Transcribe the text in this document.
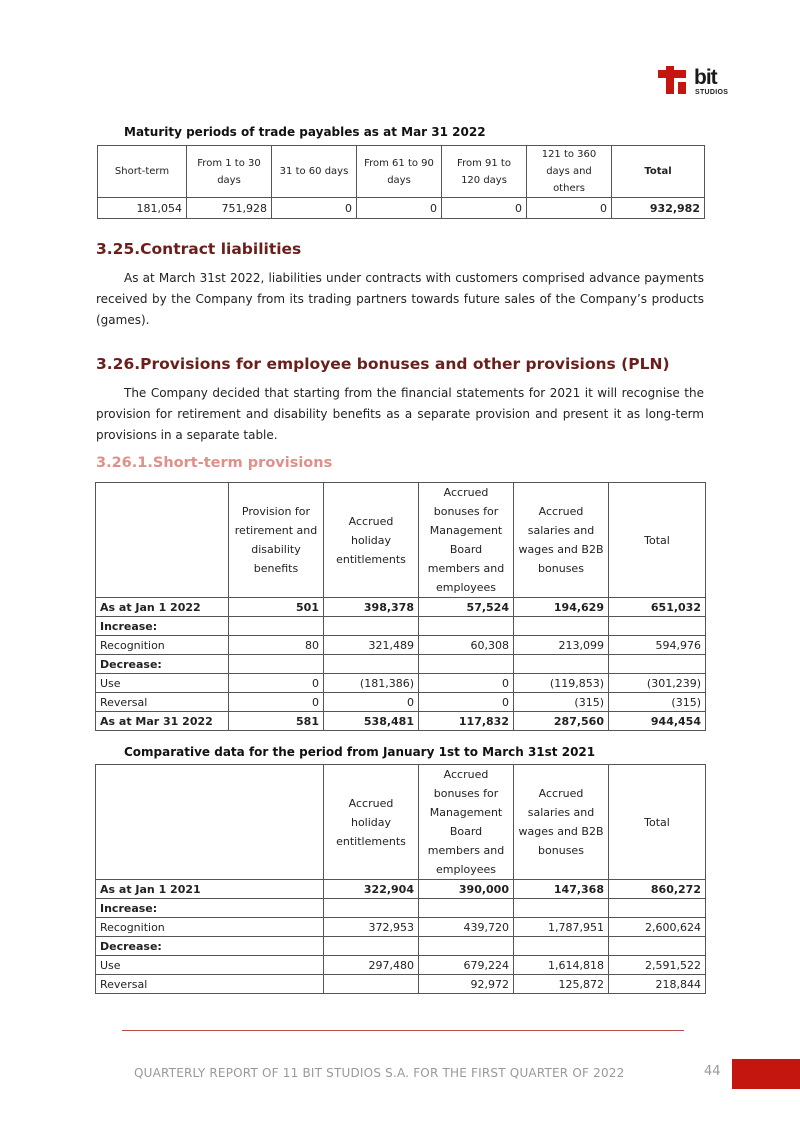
bit
STUDIOS
Maturity periods of trade payables as at Mar 31 2022
Short-term	From 1 to 30 days	31 to 60 days	From 61 to 90 days	From 91 to 120 days	121 to 360 days and others	Total
181,054	751,928	0	0	0	0	932,982
3.25.Contract liabilities
As at March 31st 2022, liabilities under contracts with customers comprised advance payments received by the Company from its trading partners towards future sales of the Company’s products (games).
3.26.Provisions for employee bonuses and other provisions (PLN)
The Company decided that starting from the financial statements for 2021 it will recognise the provision for retirement and disability benefits as a separate provision and present it as long-term provisions in a separate table.
3.26.1.Short-term provisions
	Provision for retirement and disability benefits	Accrued holiday entitlements	Accrued bonuses for Management Board members and employees	Accrued salaries and wages and B2B bonuses	Total
As at Jan 1 2022	501	398,378	57,524	194,629	651,032
Increase:					
Recognition	80	321,489	60,308	213,099	594,976
Decrease:					
Use	0	(181,386)	0	(119,853)	(301,239)
Reversal	0	0	0	(315)	(315)
As at Mar 31 2022	581	538,481	117,832	287,560	944,454
Comparative data for the period from January 1st to March 31st 2021
	Accrued holiday entitlements	Accrued bonuses for Management Board members and employees	Accrued salaries and wages and B2B bonuses	Total
As at Jan 1 2021	322,904	390,000	147,368	860,272
Increase:				
Recognition	372,953	439,720	1,787,951	2,600,624
Decrease:				
Use	297,480	679,224	1,614,818	2,591,522
Reversal		92,972	125,872	218,844
QUARTERLY REPORT OF 11 BIT STUDIOS S.A. FOR THE FIRST QUARTER OF 2022	44
